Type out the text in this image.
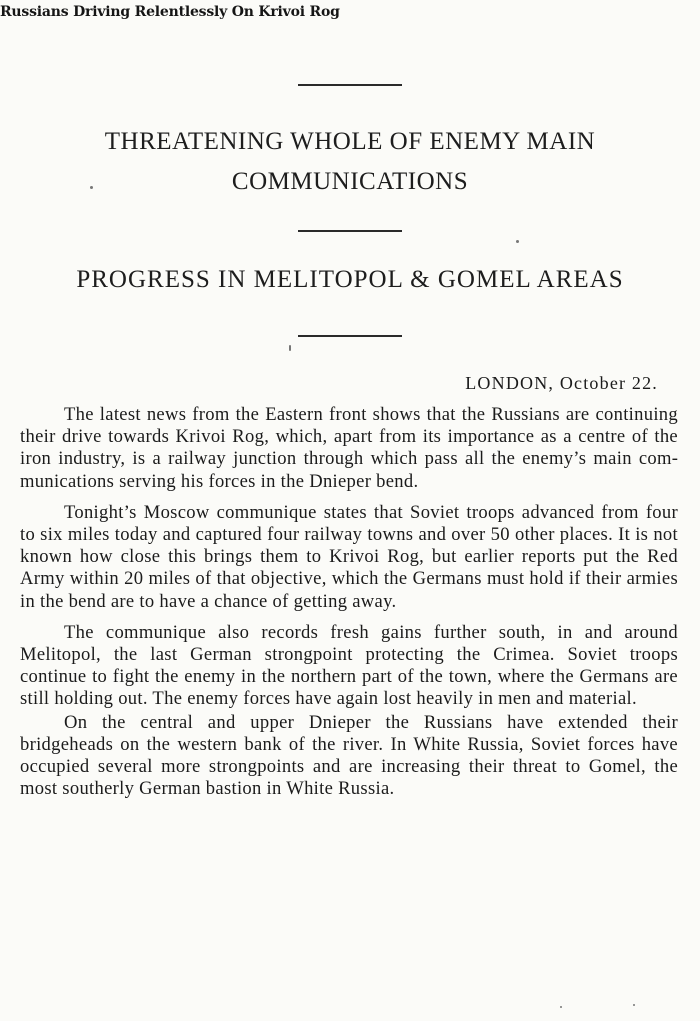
Russians Driving Relentlessly On Krivoi Rog
THREATENING WHOLE OF ENEMY MAIN COMMUNICATIONS
PROGRESS IN MELITOPOL & GOMEL AREAS

LONDON, October 22.

The latest news from the Eastern front shows that the Russians are continuing their drive towards Krivoi Rog, which, apart from its importance as a centre of the iron industry, is a railway junction through which pass all the enemy’s main communications serving his forces in the Dnieper bend.

Tonight’s Moscow communique states that Soviet troops advanced from four to six miles today and captured four railway towns and over 50 other places. It is not known how close this brings them to Krivoi Rog, but earlier reports put the Red Army within 20 miles of that objective, which the Germans must hold if their armies in the bend are to have a chance of getting away.

The communique also records fresh gains further south, in and around Melitopol, the last German strongpoint protecting the Crimea. Soviet troops continue to fight the enemy in the northern part of the town, where the Germans are still holding out. The enemy forces have again lost heavily in men and material.

On the central and upper Dnieper the Russians have extended their bridgeheads on the western bank of the river. In White Russia, Soviet forces have occupied several more strongpoints and are increasing their threat to Gomel, the most southerly German bastion in White Russia.
